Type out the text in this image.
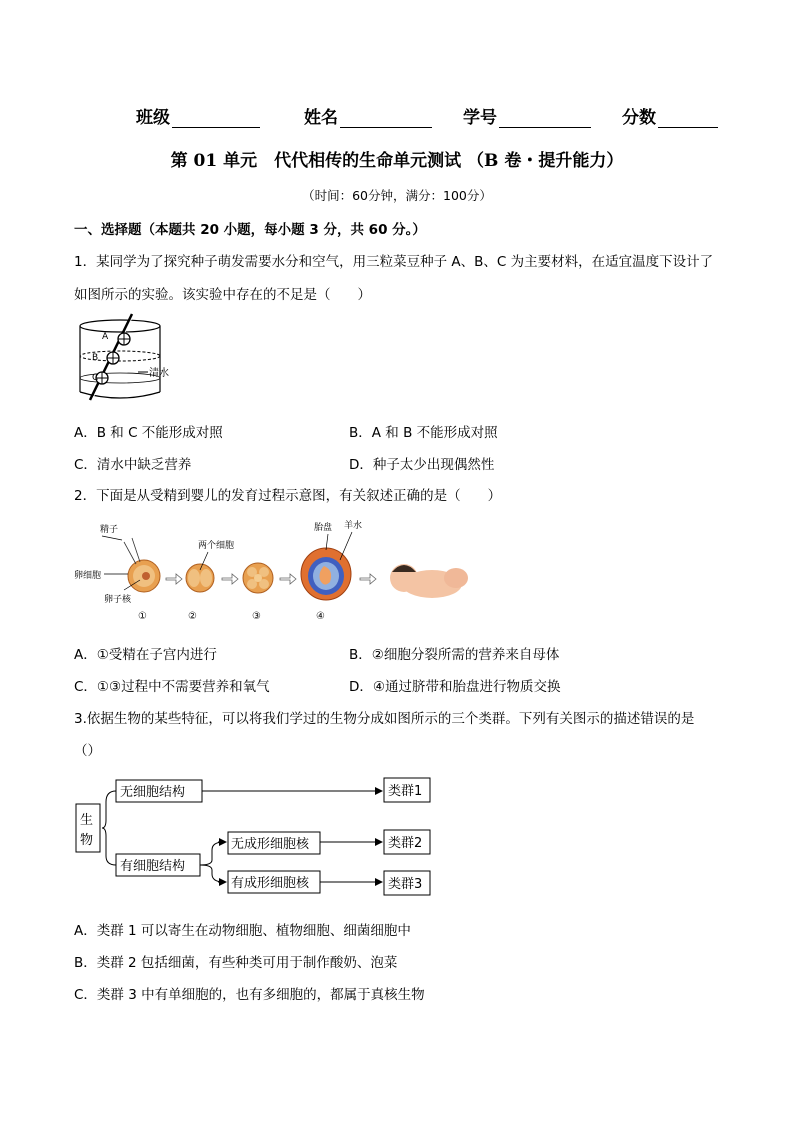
班级	姓名	学号	分数
第 01 单元　代代相传的生命单元测试 （B 卷・提升能力）
（时间：60分钟，满分：100分）
一、选择题（本题共 20 小题，每小题 3 分，共 60 分。）
1．某同学为了探究种子萌发需要水分和空气，用三粒菜豆种子 A、B、C 为主要材料，在适宜温度下设计了
如图所示的实验。该实验中存在的不足是（　　）
A
B
C	清水
A．B 和 C 不能形成对照	B．A 和 B 不能形成对照
C．清水中缺乏营养	D．种子太少出现偶然性
2．下面是从受精到婴儿的发育过程示意图，有关叙述正确的是（　　）
精子
卵细胞
卵子核
两个细胞
胎盘 羊水
①	②	③	④
A．①受精在子宫内进行	B．②细胞分裂所需的营养来自母体
C．①③过程中不需要营养和氧气	D．④通过脐带和胎盘进行物质交换
3.依据生物的某些特征，可以将我们学过的生物分成如图所示的三个类群。下列有关图示的描述错误的是
（）
生
物
无细胞结构	类群1
有细胞结构
无成形细胞核
有成形细胞核
类群2
类群3
A．类群 1 可以寄生在动物细胞、植物细胞、细菌细胞中
B．类群 2 包括细菌，有些种类可用于制作酸奶、泡菜
C．类群 3 中有单细胞的，也有多细胞的，都属于真核生物
